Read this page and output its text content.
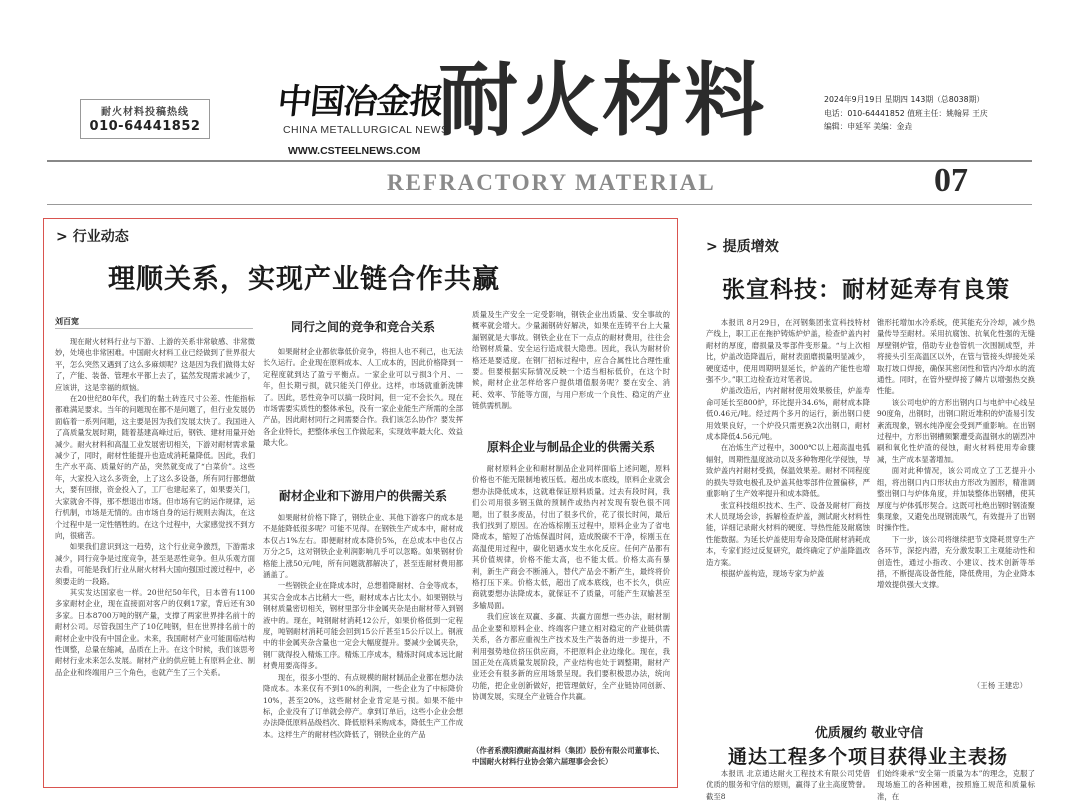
耐火材料投稿热线
010-64441852
中国冶金报
CHINA METALLURGICAL NEWS
WWW.CSTEELNEWS.COM
耐火材料	2024年9月19日 星期四 143期（总8038期）
电话：010-64441852 值班主任：姚翰昇 王庆
编辑：申延军 美编：金垚
REFRACTORY MATERIAL	07
> 行业动态
理顺关系，实现产业链合作共赢
刘百宽

现在耐火材料行业与下游、上游的关系非常敏感、非常微妙，处境也非常困难。中国耐火材料工业已经做到了世界很大平，怎么突然又遇到了这么多麻烦呢？这是因为我们做得太好了，产能、装备、管理水平都上去了，猛然发现需求减少了，应该讲，这是幸福的烦恼。

在20世纪80年代，我们的黏土砖连尺寸公差、性能指标都难满足要求。当年的问题现在都不是问题了，但行业发展仍面临着一系列问题，这主要是因为我们发展太快了。我国进入了高质量发展时期，随着基建高峰过后，钢铁、建材用量开始减少。耐火材料和高温工业发展密切相关，下游对耐材需求量减少了，同时，耐材性能提升也造成消耗量降低。因此，我们生产水平高、质量好的产品，突然就变成了“白菜价”。这些年，大家投入这么多资金，上了这么多设备，所有同行都想做大，要有回报，资金投入了，工厂也建起来了，如果要关门，大家就舍不得，那不想退出市场。但市场有它的运作规律，运行机制，市场是无情的。由市场自身的运行规则去淘汰，在这个过程中是一定性牺牲的。在这个过程中，大家感觉找不到方向，很痛苦。

如果我们意识到这一趋势，这个行业竞争激烈，下游需求减少，同行竞争是过度竞争，甚至是恶性竞争。但从乐观方面去看，可能是我们行业从耐火材料大国向强国过渡过程中，必须要走的一段路。

其实发达国家也一样。20世纪50年代，日本曾有1100多家耐材企业，现在直接面对客户的仅剩17家，背后还有30多家。日本8700万吨的钢产量，支撑了两家世界排名前十的耐材公司。尽管我国生产了10亿吨钢，但在世界排名前十的耐材企业中没有中国企业。未来，我国耐材产业可能面临结构性调整，总量在缩减，品质在上升。在这个时候，我们该思考耐材行业未来怎么发展。耐材产业的供应链上有原料企业、制品企业和终端用户三个角色，也就产生了三个关系。

同行之间的竞争和竞合关系

如果耐材企业都依靠低价竞争，将担人也不利己，也无法长久运行。企业现在原料成本、人工成本的，因此价格降到一定程度就到达了盈亏平衡点。一家企业可以亏损3个月、一年，但长期亏损，就只能关门停业。这样，市场就重新洗牌了。因此，恶性竞争可以搞一段时间，但一定不会长久。现在市场需要实质性的整体承包，没有一家企业能生产所需的全部产品，因此耐材同行之间需要合作。我们该怎么协作？要发挥各企业特长，把整体承包工作做起来，实现效率最大化、效益最大化。

耐材企业和下游用户的供需关系

如果耐材价格下降了，钢铁企业、其他下游客户的成本是不是能降低很多呢？可能不见得。在钢铁生产成本中，耐材成本仅占1%左右。即便耐材成本降价5%，在总成本中也仅占万分之5，这对钢铁企业利润影响几乎可以忽略。如果钢材价格能上涨50元/吨，所有问题就都解决了，甚至连耐材费用都涵盖了。

一些钢铁企业在降成本时，总想着降耐材、合金等成本，其实合金成本占比稍大一些，耐材成本占比太小。如果钢铁与钢材质量密切相关，钢材里部分非金属夹杂是由耐材带入到钢液中的。现在，吨钢耐材消耗12公斤，如果价格低到一定程度，吨钢耐材消耗可能会回到15公斤甚至15公斤以上。钢液中的非金属夹杂含量也一定会大幅度提升。要减少金属夹杂，钢厂就得投入精炼工序。精炼工序成本，精炼时间成本远比耐材费用要高得多。

现在，很多小型的、有点规模的耐材制品企业都在想办法降成本。本来仅有不到10%的利润，一些企业为了中标降价10%，甚至20%，这些耐材企业肯定是亏损。如果不能中标，企业没有了订单就会停产。拿到订单后，这些小企业会想办法降低原料品级档次、降低原料采购成本，降低生产工作成本。这样生产的耐材档次降低了，钢铁企业的产品

质量及生产安全一定受影响，钢铁企业出质量、安全事故的概率就会增大。少量漏钢砖好解决，如果在连铸平台上大量漏钢就是大事故。钢铁企业在下一点点的耐材费用，往往会给钢材质量、安全运行造成很大隐患。因此，我认为耐材价格还是要适度。在钢厂招标过程中，应合合属性比合理性重要。但要根据实际情况反映一个适当相标低价，在这个时候，耐材企业怎样给客户提供增值服务呢？要在安全、消耗、效率、节能等方面，与用户形成一个良性、稳定的产业链供需机制。

原料企业与制品企业的供需关系

耐材原料企业和耐材制品企业同样面临上述问题，原料价格也不能无限制地被压低。超出成本底线，原料企业就会想办法降低成本，这就难保证原料质量。过去有段时间，我们公司用很多钢玉做的预制件或热内衬发现有裂色很不同题，出了很多废品，付出了很多代价，花了很长时间，最后我们找到了原因。在冶炼棕刚玉过程中，原料企业为了省电降成本，缩短了冶炼保温时间，造成脱碳不干净，棕刚玉在高温使用过程中，碳化铝遇水发生水化反应。任何产品都有其价值规律，价格不能太高，也不能太低。价格太高有暴利，新生产商会不断涌入，替代产品会不断产生，最终将价格打压下来。价格太低，超出了成本底线，也不长久，供应商就要想办法降成本，就保证不了质量，可能产生双输甚至多输局面。

我们应该在双赢、多赢、共赢方面想一些办法，耐材制品企业要和原料企业、终端客户建立相对稳定的产业链供需关系，各方都应重视生产技术及生产装备的进一步提升，不利用强势地位挤压供应商，不把原料企业边缘化。现在，我国正处在高质量发展阶段，产业结构也处于调整期，耐材产业还会有很多新的应用场景呈现。我们要积极思办法，统向功能，把企业创新做好，把管理做好，全产业链协同创新、协调发展，实现全产业链合作共赢。

（作者系濮阳濮耐高温材料（集团）股份有限公司董事长、中国耐火材料行业协会第六届理事会会长）
> 提质增效
张宣科技：耐材延寿有良策

本报讯 8月29日，在河钢集团张宣科技特材产线上，职工正在拖护铸炼炉炉盖，检查炉盖内衬耐材的厚度，磨损量及零部件变形量。“与上次相比，炉盖改造降温后，耐材表面磨损量明显减少，硬度适中，使用周期明显延长，炉盖的产能性也增强不少。”职工边检查边对笔者说。

炉盖改造后，内衬耐材使用效果极佳，炉盖寿命可延长至800炉，环比提升34.6%，耐材成本降低0.46元/吨。经过两个多月的运行，新出钢口使用效果良好，一个炉役只需更换2次出钢口，耐材成本降低4.56元/吨。

在冶炼生产过程中，3000℃以上超高温电弧辐射，周期性温度波动以及多种物理化学侵蚀，导致炉盖内衬耐材受损，保温效果差。耐材不同程度的损失导致电极孔及炉盖其他零部件位置偏移，严重影响了生产效率提升和成本降低。

张宣科技组织技术、生产、设备及耐材厂商技术人员现场会诊，拆解检查炉盖，测试耐火材料性能，详细记录耐火材料的硬度、导热性能及耐腐蚀性能数据。为延长炉盖使用寿命及降低耐材消耗成本，专家们经过反复研究，最终确定了炉盖降温改造方案。

根据炉盖构造，现场专家为炉盖

锥形托增加水冷系统，使其能充分冷却，减少热量传导至耐材。采用抗腐蚀、抗氧化性强的无缝厚壁钢炉管，借助专业卷管机一次围制成型，并将接头引至高温区以外，在管与管接头焊接处采取打坡口焊接，确保其密闭性和管内冷却水的流通性。同时，在管外壁焊接了鳞片以增强热交换性能。

该公司电炉的方形出钢内口与电炉中心线呈90度角，出钢时，出钢口附近堆积的炉渣易引发紊流现象，钢水纯净度会受到严重影响。在出钢过程中，方形出钢槽频繁遭受高温钢水的剧烈冲刷和氧化性炉渣的侵蚀，耐火材料使用寿命骤减，生产成本显著增加。

面对此种情况，该公司成立了工艺提升小组，将出钢口内口形状由方形改为圆形，精准调整出钢口与炉体角度，并加装整体出钢槽，使其厚度与炉体弧形契合。这既可杜绝出钢时钢渣聚集现象，又避免出现钢流吸气，有效提升了出钢时操作性。

下一步，该公司将继续把节支降耗贯穿生产各环节，深挖内潜，充分激发职工主观能动性和创造性，通过小指改、小建议、技术创新等举措，不断提高设备性能，降低费用，为企业降本增效提供强大支撑。

（王杨 王建忠）
优质履约 敬业守信
通达工程多个项目获得业主表扬

本报讯 北京通达耐火工程技术有限公司凭借优质的服务和守信的原则，赢得了业主高度赞誉。截至8

们始终秉承“安全第一质量为本”的理念，克服了现场施工的各种困难，按照施工规范和质量标准，在
